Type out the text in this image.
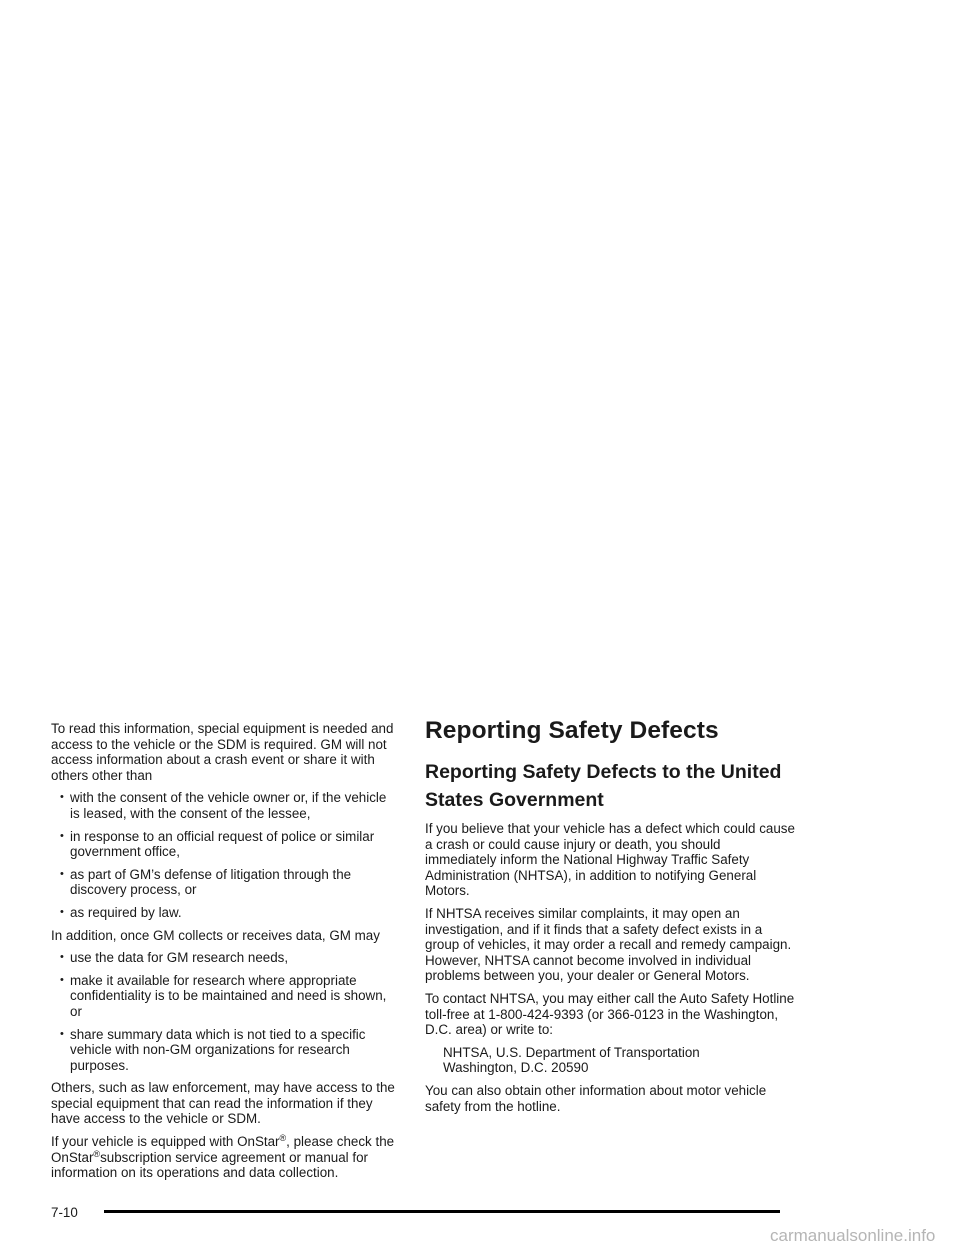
To read this information, special equipment is needed and access to the vehicle or the SDM is required. GM will not access information about a crash event or share it with others other than

• with the consent of the vehicle owner or, if the vehicle is leased, with the consent of the lessee,
• in response to an official request of police or similar government office,
• as part of GM’s defense of litigation through the discovery process, or
• as required by law.

In addition, once GM collects or receives data, GM may

• use the data for GM research needs,
• make it available for research where appropriate confidentiality is to be maintained and need is shown, or
• share summary data which is not tied to a specific vehicle with non-GM organizations for research purposes.

Others, such as law enforcement, may have access to the special equipment that can read the information if they have access to the vehicle or SDM.

If your vehicle is equipped with OnStar®, please check the OnStar®subscription service agreement or manual for information on its operations and data collection.

Reporting Safety Defects
Reporting Safety Defects to the United States Government

If you believe that your vehicle has a defect which could cause a crash or could cause injury or death, you should immediately inform the National Highway Traffic Safety Administration (NHTSA), in addition to notifying General Motors.

If NHTSA receives similar complaints, it may open an investigation, and if it finds that a safety defect exists in a group of vehicles, it may order a recall and remedy campaign. However, NHTSA cannot become involved in individual problems between you, your dealer or General Motors.

To contact NHTSA, you may either call the Auto Safety Hotline toll-free at 1-800-424-9393 (or 366-0123 in the Washington, D.C. area) or write to:

NHTSA, U.S. Department of Transportation
Washington, D.C. 20590

You can also obtain other information about motor vehicle safety from the hotline.

7-10
carmanualsonline.info
